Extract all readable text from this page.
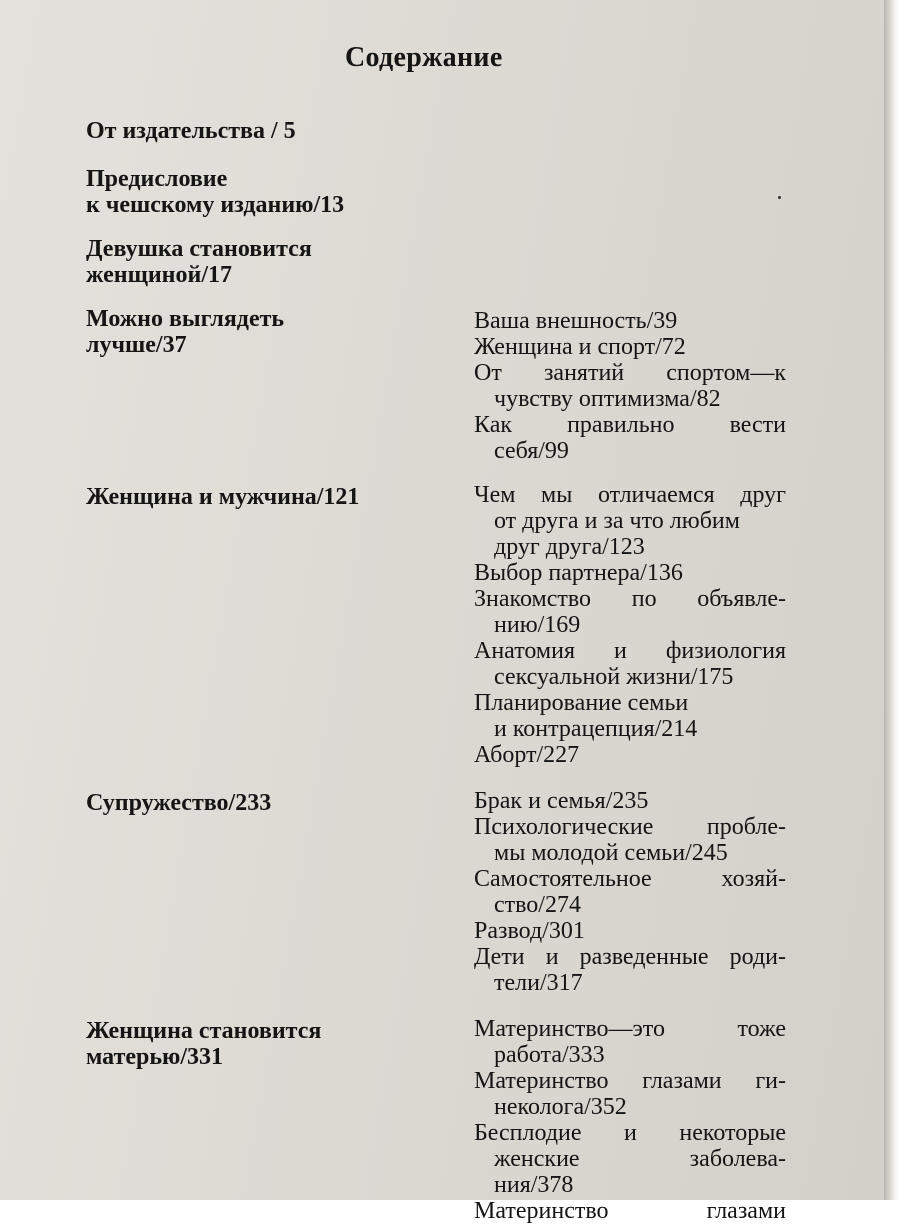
Содержание
От издательства / 5
Предисловие
к чешскому изданию/13
Девушка становится
женщиной/17
Можно выглядеть
лучше/37
Женщина и мужчина/121
Супружество/233
Женщина становится
матерью/331
Ваша внешность/39
Женщина и спорт/72
От занятий спортом—к
чувству оптимизма/82
Как правильно вести
себя/99
Чем мы отличаемся друг
от друга и за что любим
друг друга/123
Выбор партнера/136
Знакомство по объявле-
нию/169
Анатомия и физиология
сексуальной жизни/175
Планирование семьи
и контрацепция/214
Аборт/227
Брак и семья/235
Психологические пробле-
мы молодой семьи/245
Самостоятельное хозяй-
ство/274
Развод/301
Дети и разведенные роди-
тели/317
Материнство—это тоже
работа/333
Материнство глазами ги-
неколога/352
Бесплодие и некоторые
женские заболева-
ния/378
Материнство глазами
